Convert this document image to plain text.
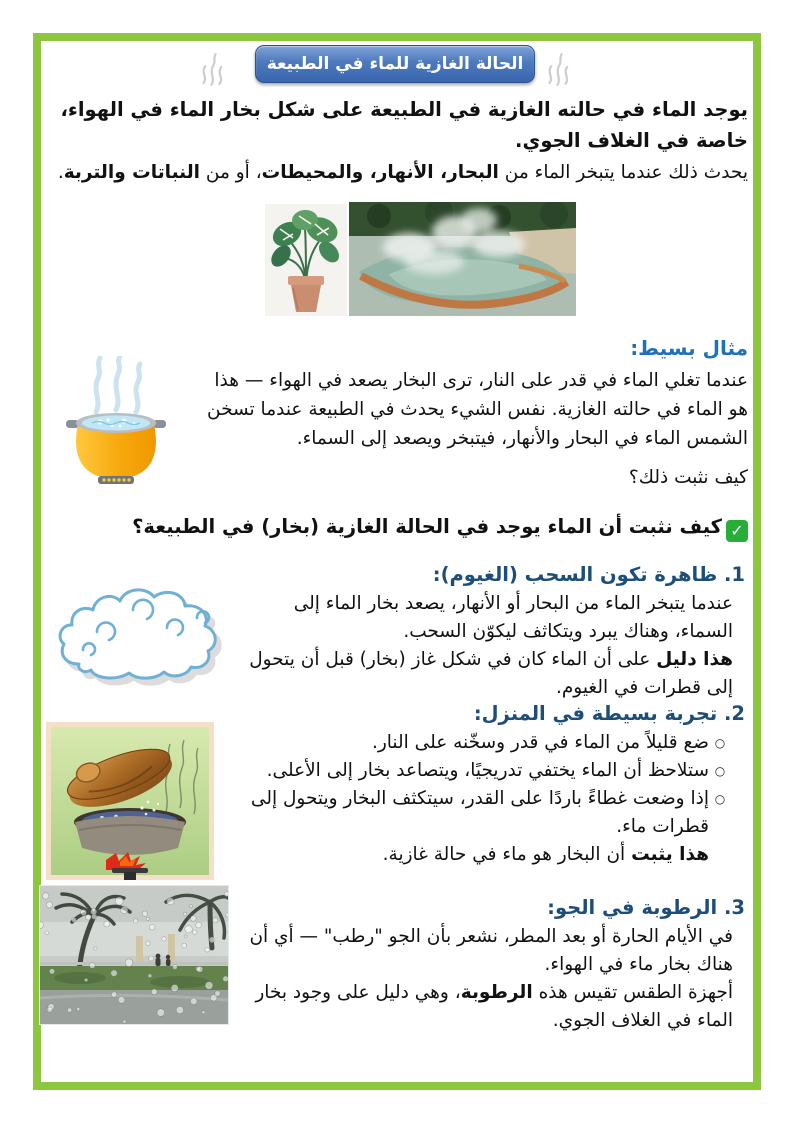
الحالة الغازية للماء في الطبيعة
يوجد الماء في حالته الغازية في الطبيعة على شكل بخار الماء في الهواء، خاصة في الغلاف الجوي.
يحدث ذلك عندما يتبخر الماء من البحار، الأنهار، والمحيطات، أو من النباتات والتربة.
مثال بسيط:
عندما تغلي الماء في قدر على النار، ترى البخار يصعد في الهواء — هذا هو الماء في حالته الغازية. نفس الشيء يحدث في الطبيعة عندما تسخن الشمس الماء في البحار والأنهار، فيتبخر ويصعد إلى السماء.
كيف نثبت ذلك؟
✓كيف نثبت أن الماء يوجد في الحالة الغازية (بخار) في الطبيعة؟
1. ظاهرة تكون السحب (الغيوم):
عندما يتبخر الماء من البحار أو الأنهار، يصعد بخار الماء إلى السماء، وهناك يبرد ويتكاثف ليكوّن السحب.
هذا دليل على أن الماء كان في شكل غاز (بخار) قبل أن يتحول إلى قطرات في الغيوم.
2. تجربة بسيطة في المنزل:
○
ضع قليلاً من الماء في قدر وسخّنه على النار.
○
ستلاحظ أن الماء يختفي تدريجيًا، ويتصاعد بخار إلى الأعلى.
○
إذا وضعت غطاءً باردًا على القدر، سيتكثف البخار ويتحول إلى قطرات ماء.
هذا يثبت أن البخار هو ماء في حالة غازية.
3. الرطوبة في الجو:
في الأيام الحارة أو بعد المطر، نشعر بأن الجو "رطب" — أي أن هناك بخار ماء في الهواء.
أجهزة الطقس تقيس هذه الرطوبة، وهي دليل على وجود بخار الماء في الغلاف الجوي.
